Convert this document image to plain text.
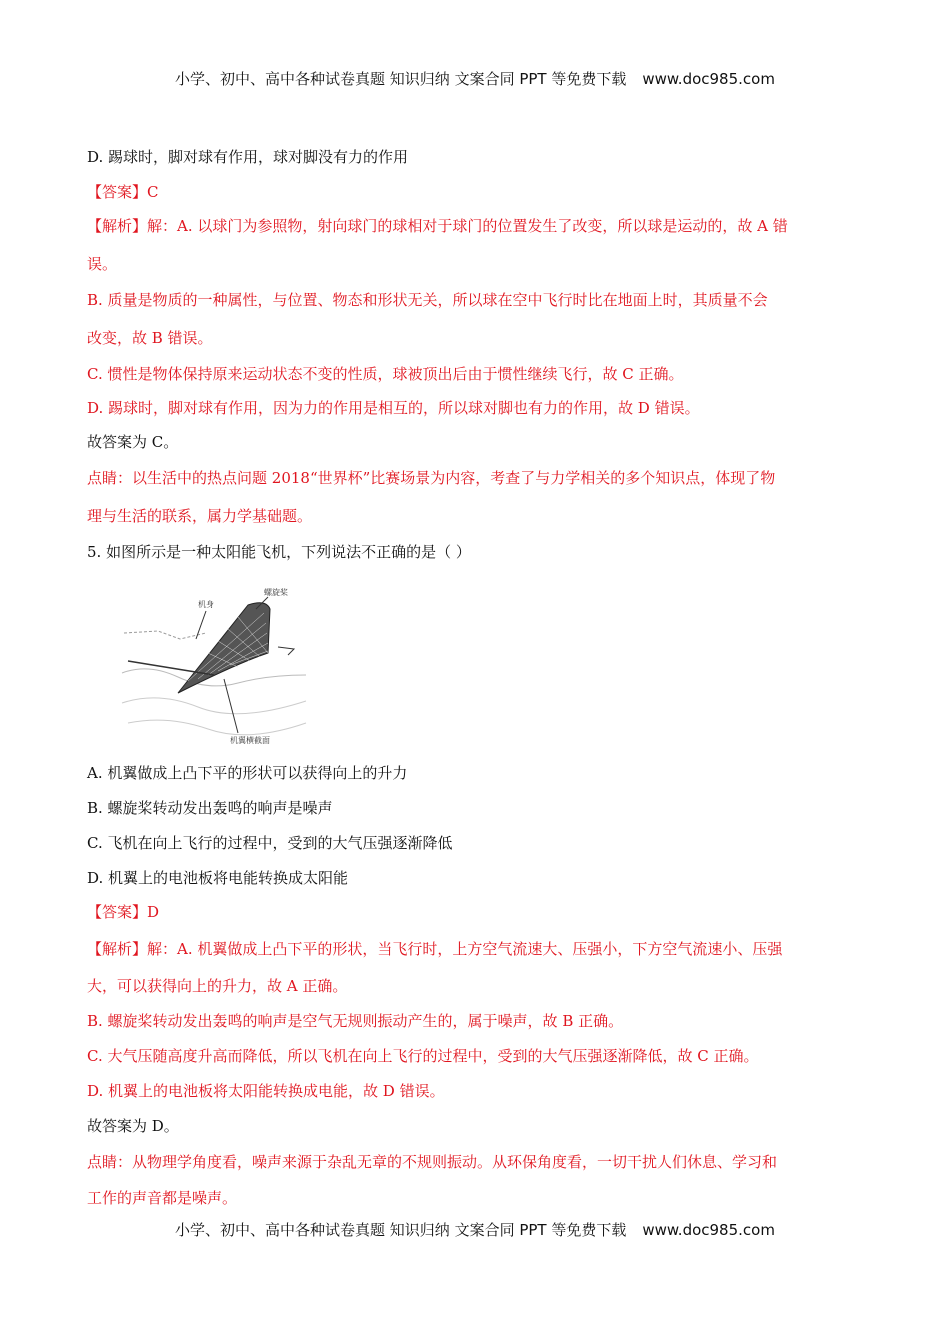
小学、初中、高中各种试卷真题 知识归纳 文案合同 PPT 等免费下载 www.doc985.com
D. 踢球时，脚对球有作用，球对脚没有力的作用
【答案】C
【解析】解：A. 以球门为参照物，射向球门的球相对于球门的位置发生了改变，所以球是运动的，故 A 错
误。
B. 质量是物质的一种属性，与位置、物态和形状无关，所以球在空中飞行时比在地面上时，其质量不会
改变，故 B 错误。
C. 惯性是物体保持原来运动状态不变的性质，球被顶出后由于惯性继续飞行，故 C 正确。
D. 踢球时，脚对球有作用，因为力的作用是相互的，所以球对脚也有力的作用，故 D 错误。
故答案为 C。
点睛：以生活中的热点问题 2018“世界杯”比赛场景为内容，考查了与力学相关的多个知识点，体现了物
理与生活的联系，属力学基础题。
5. 如图所示是一种太阳能飞机，下列说法不正确的是（ ）
机身
螺旋桨
机翼横截面
A. 机翼做成上凸下平的形状可以获得向上的升力
B. 螺旋桨转动发出轰鸣的响声是噪声
C. 飞机在向上飞行的过程中，受到的大气压强逐渐降低
D. 机翼上的电池板将电能转换成太阳能
【答案】D
【解析】解：A. 机翼做成上凸下平的形状，当飞行时，上方空气流速大、压强小，下方空气流速小、压强
大，可以获得向上的升力，故 A 正确。
B. 螺旋桨转动发出轰鸣的响声是空气无规则振动产生的，属于噪声，故 B 正确。
C. 大气压随高度升高而降低，所以飞机在向上飞行的过程中，受到的大气压强逐渐降低，故 C 正确。
D. 机翼上的电池板将太阳能转换成电能，故 D 错误。
故答案为 D。
点睛：从物理学角度看，噪声来源于杂乱无章的不规则振动。从环保角度看，一切干扰人们休息、学习和
工作的声音都是噪声。
小学、初中、高中各种试卷真题 知识归纳 文案合同 PPT 等免费下载 www.doc985.com
